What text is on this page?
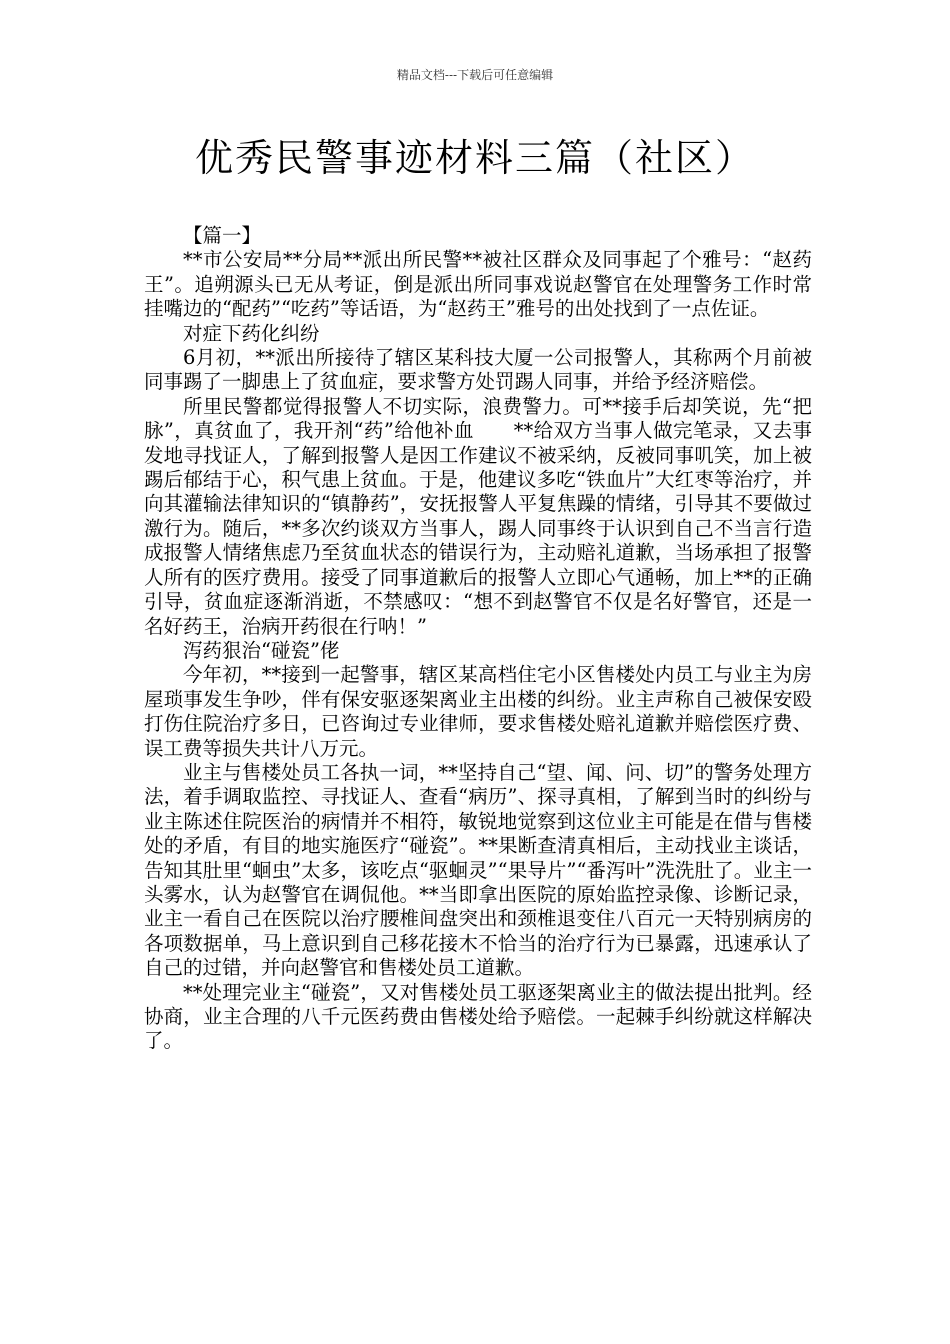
精品文档---下载后可任意编辑
优秀民警事迹材料三篇（社区）

【篇一】

**市公安局**分局**派出所民警**被社区群众及同事起了个雅号：“赵药王”。追朔源头已无从考证，倒是派出所同事戏说赵警官在处理警务工作时常挂嘴边的“配药”“吃药”等话语，为“赵药王”雅号的出处找到了一点佐证。

对症下药化纠纷

6月初，**派出所接待了辖区某科技大厦一公司报警人，其称两个月前被同事踢了一脚患上了贫血症，要求警方处罚踢人同事，并给予经济赔偿。

所里民警都觉得报警人不切实际，浪费警力。可**接手后却笑说，先“把脉”，真贫血了，我开剂“药”给他补血　　**给双方当事人做完笔录，又去事发地寻找证人，了解到报警人是因工作建议不被采纳，反被同事叽笑，加上被踢后郁结于心，积气患上贫血。于是，他建议多吃“铁血片”大红枣等治疗，并向其灌输法律知识的“镇静药”，安抚报警人平复焦躁的情绪，引导其不要做过激行为。随后，**多次约谈双方当事人，踢人同事终于认识到自己不当言行造成报警人情绪焦虑乃至贫血状态的错误行为，主动赔礼道歉，当场承担了报警人所有的医疗费用。接受了同事道歉后的报警人立即心气通畅，加上**的正确引导，贫血症逐渐消逝，不禁感叹：“想不到赵警官不仅是名好警官，还是一名好药王，治病开药很在行呐！”

泻药狠治“碰瓷”佬

今年初，**接到一起警事，辖区某高档住宅小区售楼处内员工与业主为房屋琐事发生争吵，伴有保安驱逐架离业主出楼的纠纷。业主声称自己被保安殴打伤住院治疗多日，已咨询过专业律师，要求售楼处赔礼道歉并赔偿医疗费、误工费等损失共计八万元。

业主与售楼处员工各执一词，**坚持自己“望、闻、问、切”的警务处理方法，着手调取监控、寻找证人、查看“病历”、探寻真相，了解到当时的纠纷与业主陈述住院医治的病情并不相符，敏锐地觉察到这位业主可能是在借与售楼处的矛盾，有目的地实施医疗“碰瓷”。**果断查清真相后，主动找业主谈话，告知其肚里“蛔虫”太多，该吃点“驱蛔灵”“果导片”“番泻叶”洗洗肚了。业主一头雾水，认为赵警官在调侃他。**当即拿出医院的原始监控录像、诊断记录，业主一看自己在医院以治疗腰椎间盘突出和颈椎退变住八百元一天特别病房的各项数据单，马上意识到自己移花接木不恰当的治疗行为已暴露，迅速承认了自己的过错，并向赵警官和售楼处员工道歉。

**处理完业主“碰瓷”，又对售楼处员工驱逐架离业主的做法提出批判。经协商，业主合理的八千元医药费由售楼处给予赔偿。一起棘手纠纷就这样解决了。
